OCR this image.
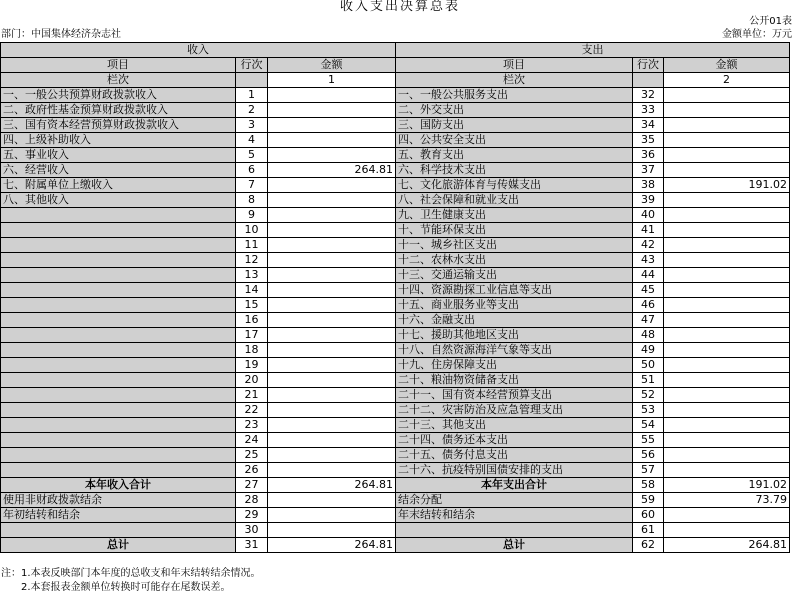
收入支出决算总表
公开01表
部门：中国集体经济杂志社	金额单位：万元
收入			支出		
项目	行次	金额	项目	行次	金额
栏次		1	栏次		2
一、一般公共预算财政拨款收入	1		一、一般公共服务支出	32	
二、政府性基金预算财政拨款收入	2		二、外交支出	33	
三、国有资本经营预算财政拨款收入	3		三、国防支出	34	
四、上级补助收入	4		四、公共安全支出	35	
五、事业收入	5		五、教育支出	36	
六、经营收入	6	264.81	六、科学技术支出	37	
七、附属单位上缴收入	7		七、文化旅游体育与传媒支出	38	191.02
八、其他收入	8		八、社会保障和就业支出	39	
	9		九、卫生健康支出	40	
	10		十、节能环保支出	41	
	11		十一、城乡社区支出	42	
	12		十二、农林水支出	43	
	13		十三、交通运输支出	44	
	14		十四、资源勘探工业信息等支出	45	
	15		十五、商业服务业等支出	46	
	16		十六、金融支出	47	
	17		十七、援助其他地区支出	48	
	18		十八、自然资源海洋气象等支出	49	
	19		十九、住房保障支出	50	
	20		二十、粮油物资储备支出	51	
	21		二十一、国有资本经营预算支出	52	
	22		二十二、灾害防治及应急管理支出	53	
	23		二十三、其他支出	54	
	24		二十四、债务还本支出	55	
	25		二十五、债务付息支出	56	
	26		二十六、抗疫特别国债安排的支出	57	
本年收入合计	27	264.81	本年支出合计	58	191.02
使用非财政拨款结余	28		结余分配	59	73.79
年初结转和结余	29		年末结转和结余	60	
	30			61	
总计	31	264.81	总计	62	264.81
注：1.本表反映部门本年度的总收支和年末结转结余情况。
2.本套报表金额单位转换时可能存在尾数误差。
